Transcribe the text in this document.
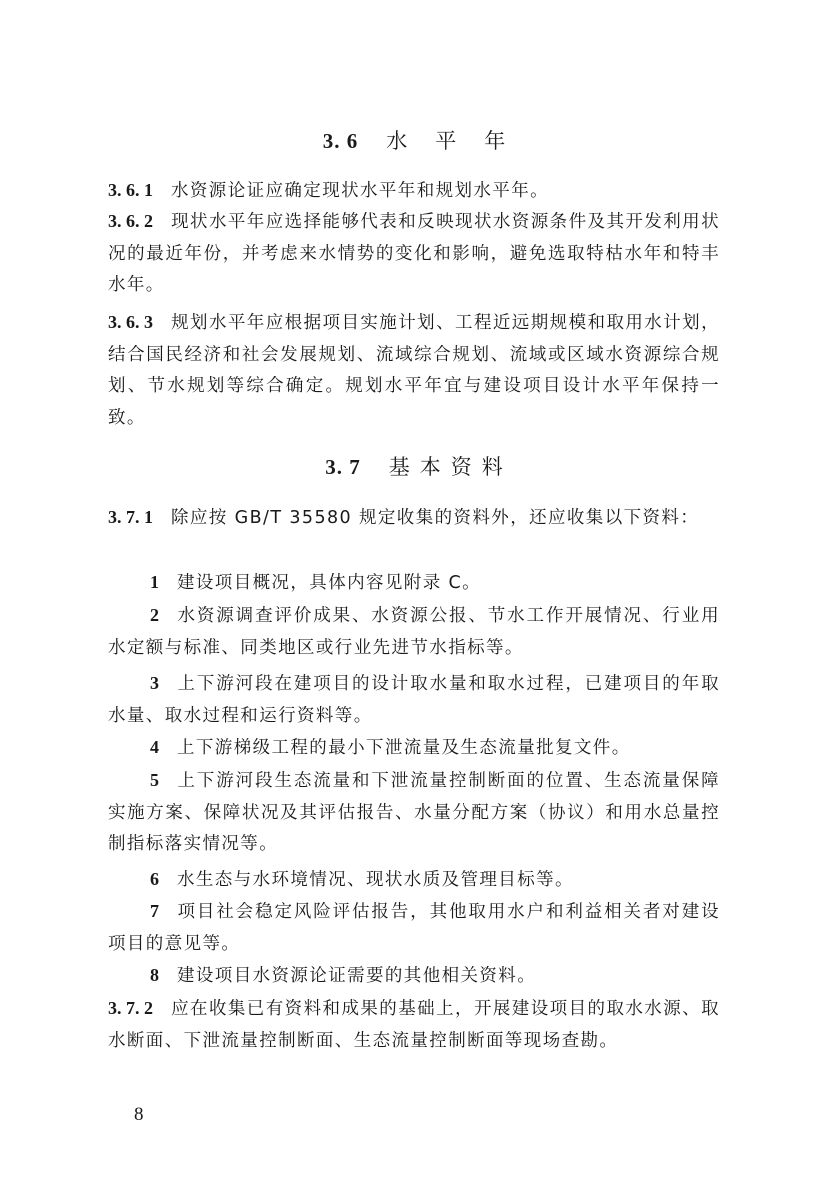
3. 6 水平年

3. 6. 1 水资源论证应确定现状水平年和规划水平年。

3. 6. 2 现状水平年应选择能够代表和反映现状水资源条件及其开发利用状况的最近年份，并考虑来水情势的变化和影响，避免选取特枯水年和特丰水年。

3. 6. 3 规划水平年应根据项目实施计划、工程近远期规模和取用水计划，结合国民经济和社会发展规划、流域综合规划、流域或区域水资源综合规划、节水规划等综合确定。规划水平年宜与建设项目设计水平年保持一致。

3. 7 基本资料

3. 7. 1 除应按 GB/T 35580 规定收集的资料外，还应收集以下资料：

1 建设项目概况，具体内容见附录 C。

2 水资源调查评价成果、水资源公报、节水工作开展情况、行业用水定额与标准、同类地区或行业先进节水指标等。

3 上下游河段在建项目的设计取水量和取水过程，已建项目的年取水量、取水过程和运行资料等。

4 上下游梯级工程的最小下泄流量及生态流量批复文件。

5 上下游河段生态流量和下泄流量控制断面的位置、生态流量保障实施方案、保障状况及其评估报告、水量分配方案（协议）和用水总量控制指标落实情况等。

6 水生态与水环境情况、现状水质及管理目标等。

7 项目社会稳定风险评估报告，其他取用水户和利益相关者对建设项目的意见等。

8 建设项目水资源论证需要的其他相关资料。

3. 7. 2 应在收集已有资料和成果的基础上，开展建设项目的取水水源、取水断面、下泄流量控制断面、生态流量控制断面等现场查勘。

8
